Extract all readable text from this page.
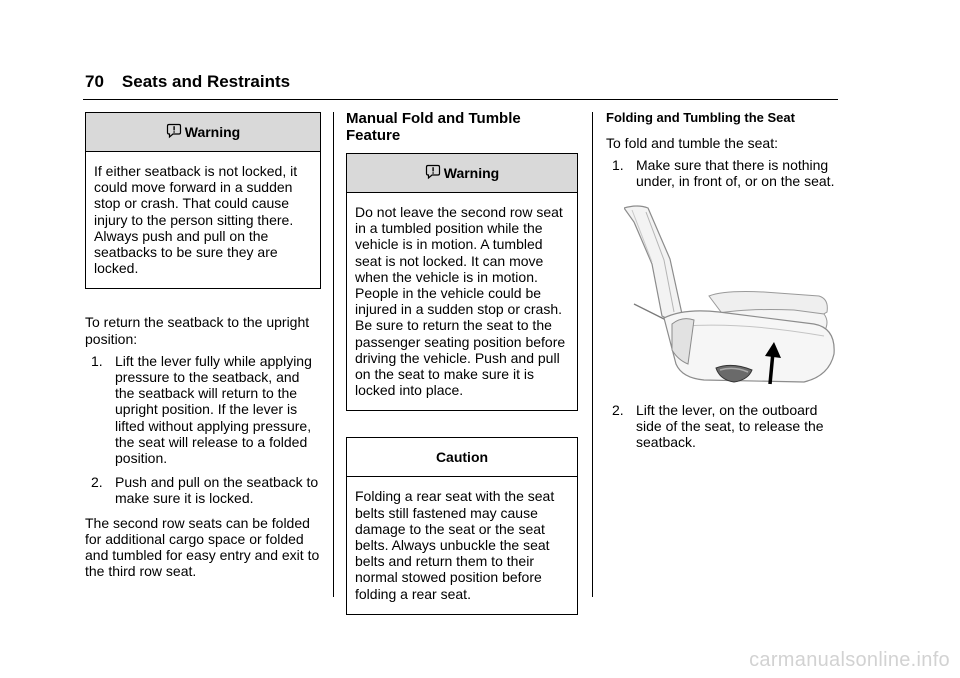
70 Seats and Restraints
Warning
If either seatback is not locked, it could move forward in a sudden stop or crash. That could cause injury to the person sitting there. Always push and pull on the seatbacks to be sure they are locked.

To return the seatback to the upright position:

1. Lift the lever fully while applying pressure to the seatback, and the seatback will return to the upright position. If the lever is lifted without applying pressure, the seat will release to a folded position.
2. Push and pull on the seatback to make sure it is locked.

The second row seats can be folded for additional cargo space or folded and tumbled for easy entry and exit to the third row seat.

Manual Fold and Tumble
Feature
Warning
Do not leave the second row seat in a tumbled position while the vehicle is in motion. A tumbled seat is not locked. It can move when the vehicle is in motion. People in the vehicle could be injured in a sudden stop or crash. Be sure to return the seat to the passenger seating position before driving the vehicle. Push and pull on the seat to make sure it is locked into place.
Caution
Folding a rear seat with the seat belts still fastened may cause damage to the seat or the seat belts. Always unbuckle the seat belts and return them to their normal stowed position before folding a rear seat.

Folding and Tumbling the Seat

To fold and tumble the seat:

1. Make sure that there is nothing under, in front of, or on the seat.
2. Lift the lever, on the outboard side of the seat, to release the seatback.
carmanualsonline.info
